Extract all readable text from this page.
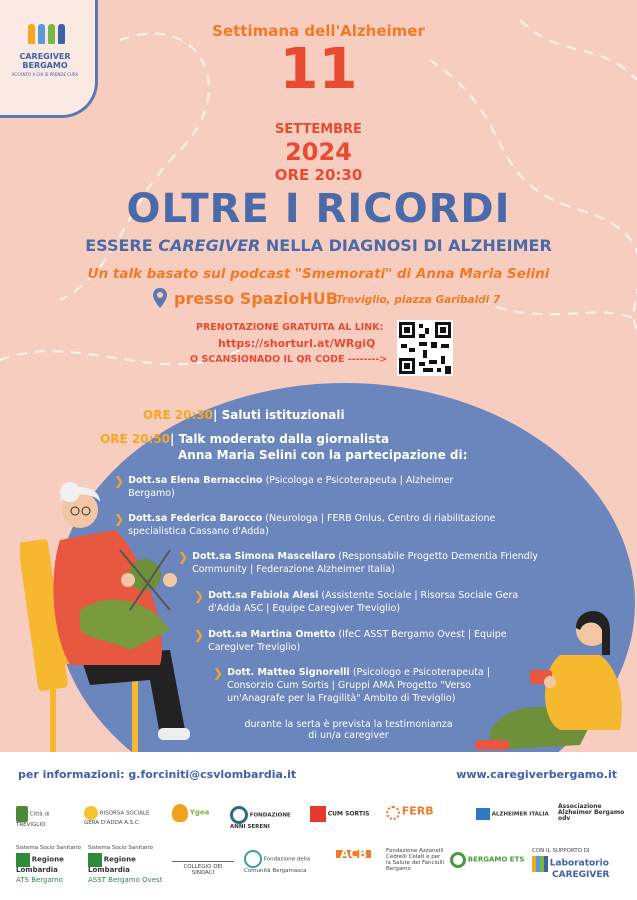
CAREGIVER
BERGAMO
ACCANTO A CHI SI PRENDE CURA
Settimana dell'Alzheimer
11
SETTEMBRE
2024
ORE 20:30
OLTRE I RICORDI
ESSERE CAREGIVER NELLA DIAGNOSI DI ALZHEIMER
Un talk basato sul podcast "Smemorati" di Anna Maria Selini
presso SpazioHUB
Treviglio, piazza Garibaldi 7
PRENOTAZIONE GRATUITA AL LINK:
https://shorturl.at/WRgiQ
O SCANSIONADO IL QR CODE -------->
ORE 20:30| Saluti istituzionali
ORE 20:50| Talk moderato dalla giornalista
Anna Maria Selini con la partecipazione di:
❯ Dott.sa Elena Bernaccino (Psicologa e Psicoterapeuta | Alzheimer
Bergamo)
❯ Dott.sa Federica Barocco (Neurologa | FERB Onlus, Centro di riabilitazione
specialistica Cassano d'Adda)
❯ Dott.sa Simona Mascellaro (Responsabile Progetto Dementia Friendly
Community | Federazione Alzheimer Italia)
❯ Dott.sa Fabiola Alesi (Assistente Sociale | Risorsa Sociale Gera
d'Adda ASC | Equipe Caregiver Treviglio)
❯ Dott.sa Martina Ometto (IfeC ASST Bergamo Ovest | Equipe
Caregiver Treviglio)
❯ Dott. Matteo Signorelli (Psicologo e Psicoterapeuta |
Consorzio Cum Sortis | Gruppi AMA Progetto "Verso
un'Anagrafe per la Fragilità" Ambito di Treviglio)
durante la serta è prevista la testimonianza
di un/a caregiver
per informazioni: g.forciniti@csvlombardia.it	www.caregiverbergamo.it
Città di TREVIGLIO
RISORSA SOCIALE GERA D'ADDA A.S.C.
Ygea	FONDAZIONE ANNI SERENI
CUM SORTIS	FERB	ALZHEIMER ITALIA
Associazione Alzheimer Bergamo odv
Sistema Socio Sanitario
Regione Lombardia
ATS Bergamo
Sistema Socio Sanitario
Regione Lombardia
ASST Bergamo Ovest
COLLEGIO DEI SINDACI
Fondazione della Comunità Bergamasca
ACB	Fondazione Azzanelli Cedrelli Celati e per la Salute dei Fanciulli Bergamo
BERGAMO ETS
CON IL SUPPORTO DI
Laboratorio
CAREGIVER
